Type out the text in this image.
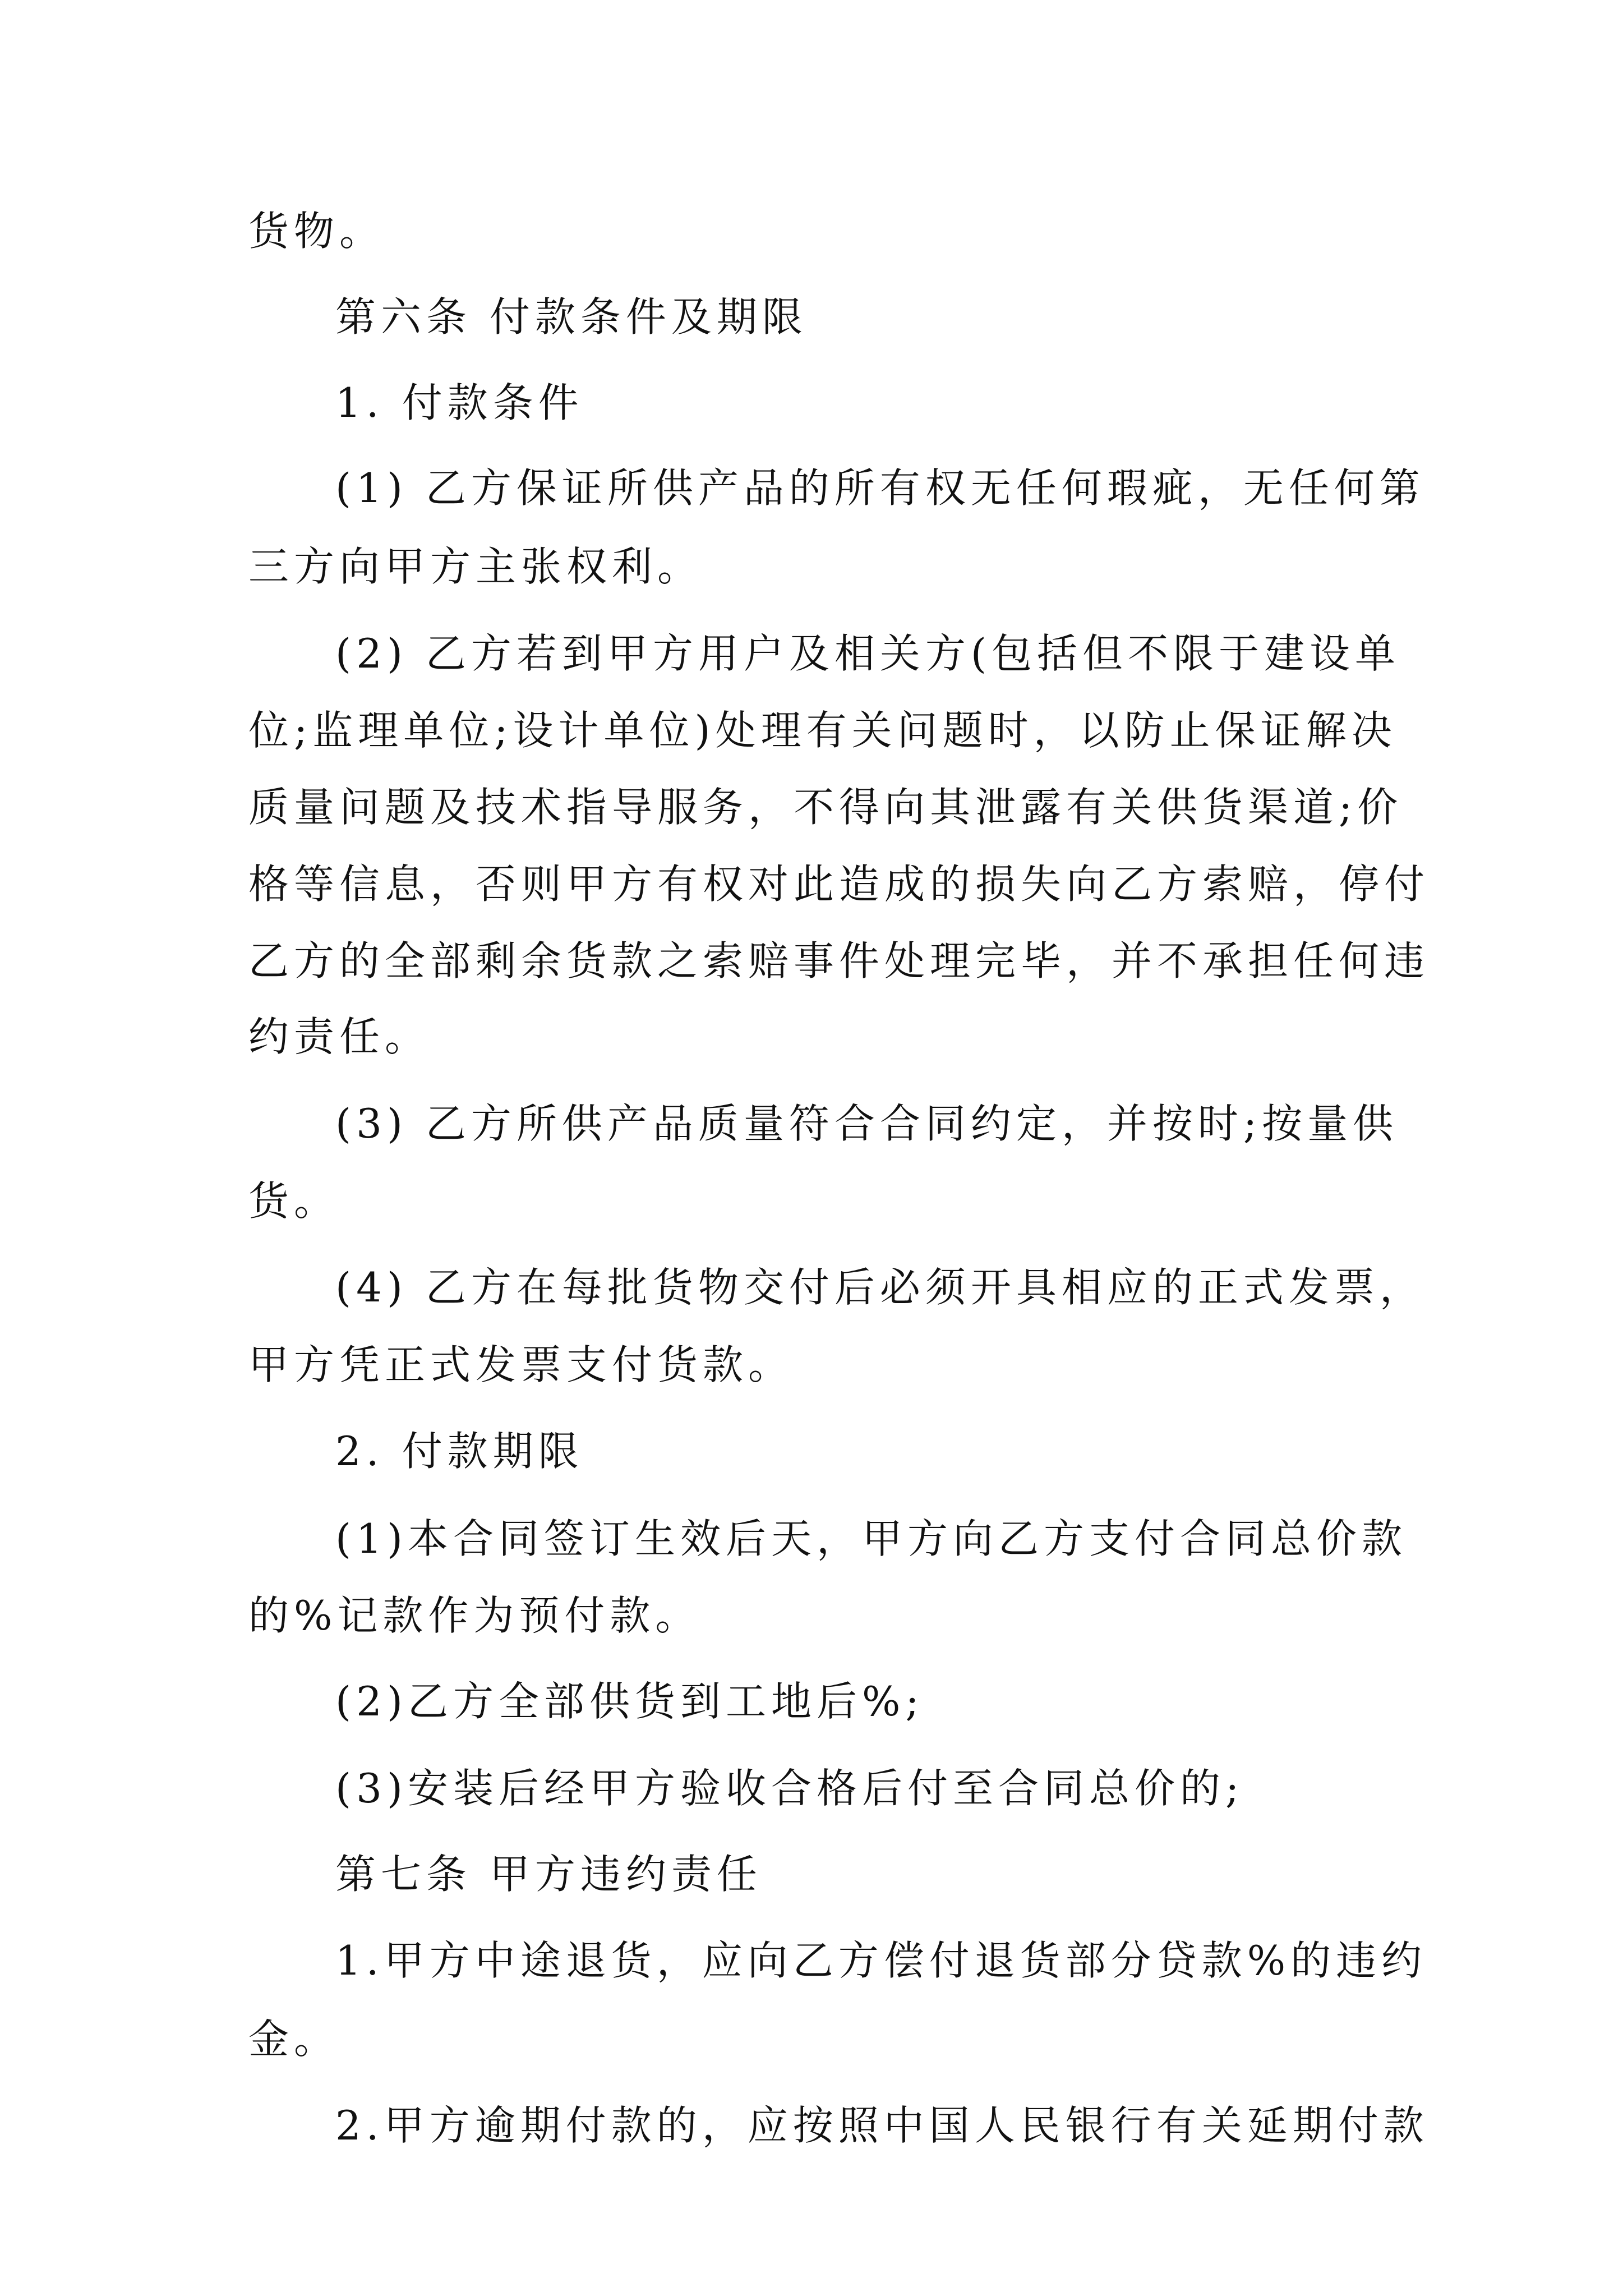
货物。
第六条 付款条件及期限
1. 付款条件
(1) 乙方保证所供产品的所有权无任何瑕疵，无任何第
三方向甲方主张权利。
(2) 乙方若到甲方用户及相关方(包括但不限于建设单
位;监理单位;设计单位)处理有关问题时，以防止保证解决
质量问题及技术指导服务，不得向其泄露有关供货渠道;价
格等信息，否则甲方有权对此造成的损失向乙方索赔，停付
乙方的全部剩余货款之索赔事件处理完毕，并不承担任何违
约责任。
(3) 乙方所供产品质量符合合同约定，并按时;按量供
货。
(4) 乙方在每批货物交付后必须开具相应的正式发票，
甲方凭正式发票支付货款。
2. 付款期限
(1)本合同签订生效后天，甲方向乙方支付合同总价款
的%记款作为预付款。
(2)乙方全部供货到工地后%;
(3)安装后经甲方验收合格后付至合同总价的;
第七条 甲方违约责任
1.甲方中途退货，应向乙方偿付退货部分贷款%的违约
金。
2.甲方逾期付款的，应按照中国人民银行有关延期付款
